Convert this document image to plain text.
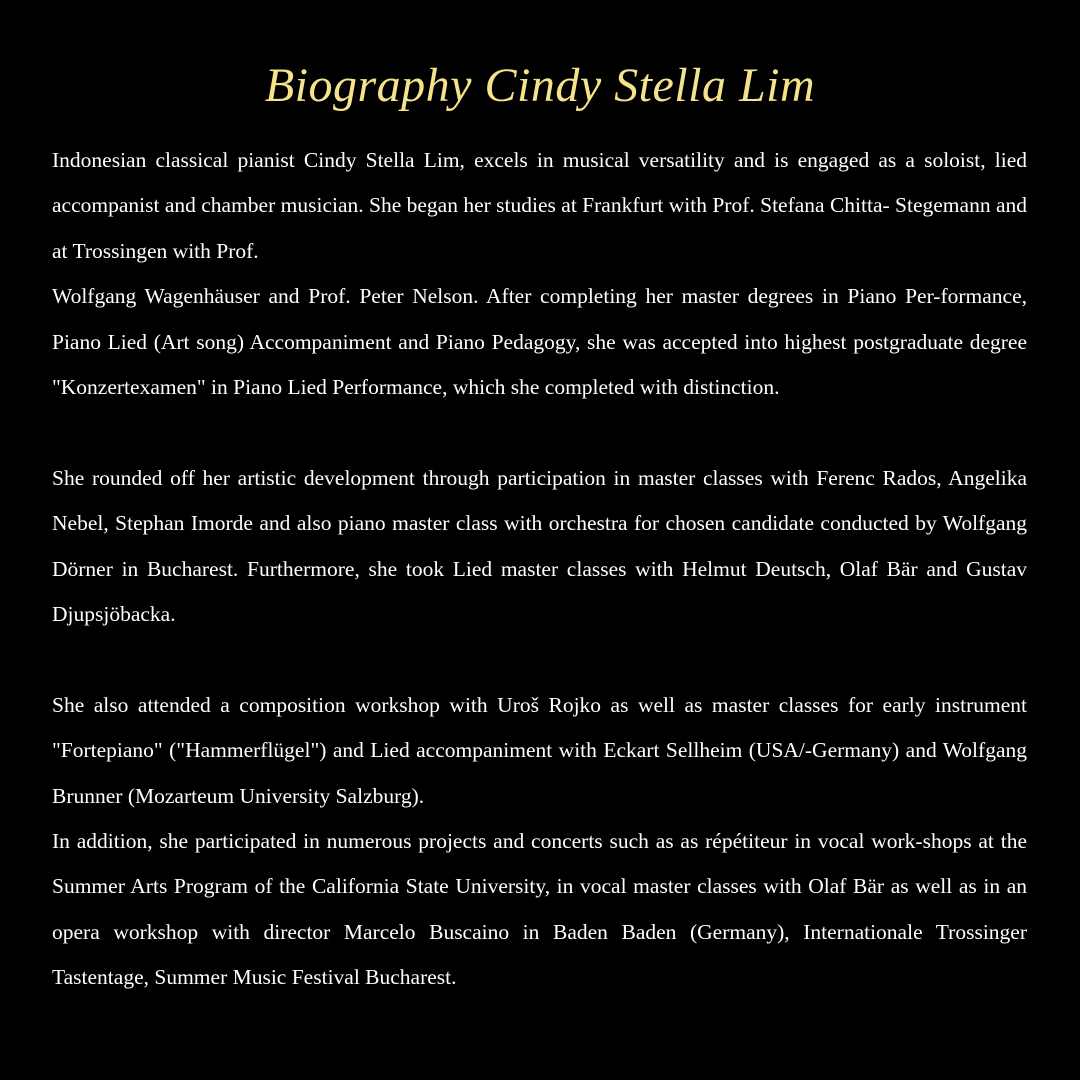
Biography Cindy Stella Lim

Indonesian classical pianist Cindy Stella Lim, excels in musical versatility and is engaged as a soloist, lied accompanist and chamber musician. She began her studies at Frankfurt with Prof. Stefana Chitta- Stegemann and at Trossingen with Prof.

Wolfgang Wagenhäuser and Prof. Peter Nelson. After completing her master degrees in Piano Per-formance, Piano Lied (Art song) Accompaniment and Piano Pedagogy, she was accepted into highest postgraduate degree "Konzertexamen" in Piano Lied Performance, which she completed with distinction.

She rounded off her artistic development through participation in master classes with Ferenc Rados, Angelika Nebel, Stephan Imorde and also piano master class with orchestra for chosen candidate conducted by Wolfgang Dörner in Bucharest. Furthermore, she took Lied master classes with Helmut Deutsch, Olaf Bär and Gustav Djupsjöbacka.

She also attended a composition workshop with Uroš Rojko as well as master classes for early instrument "Fortepiano" ("Hammerflügel") and Lied accompaniment with Eckart Sellheim (USA/-Germany) and Wolfgang Brunner (Mozarteum University Salzburg).

In addition, she participated in numerous projects and concerts such as as répétiteur in vocal work-shops at the Summer Arts Program of the California State University, in vocal master classes with Olaf Bär as well as in an opera workshop with director Marcelo Buscaino in Baden Baden (Germany), Internationale Trossinger Tastentage, Summer Music Festival Bucharest.
